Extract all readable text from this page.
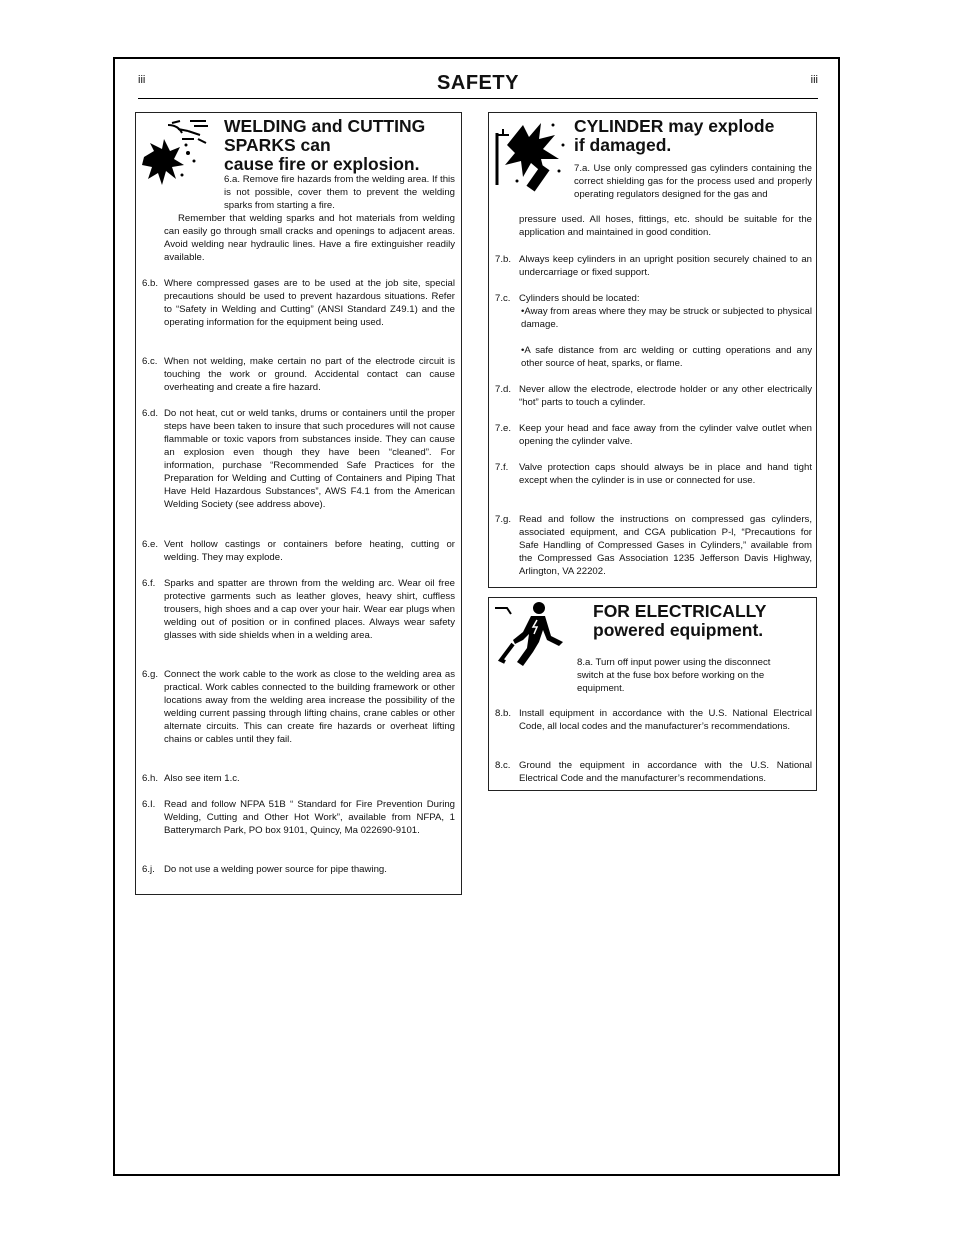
iii	SAFETY	iii
WELDING and CUTTING
SPARKS can
cause fire or explosion.
6.a. Remove fire hazards from the welding area. If this is not possible, cover them to prevent the welding sparks from starting a fire.
Remember that welding sparks and hot materials from welding can easily go through small cracks and openings to adjacent areas. Avoid welding near hydraulic lines. Have a fire extinguisher readily available.
6.b. Where compressed gases are to be used at the job site, special precautions should be used to prevent hazardous situations. Refer to “Safety in Welding and Cutting” (ANSI Standard Z49.1) and the operating information for the equipment being used.
6.c. When not welding, make certain no part of the electrode circuit is touching the work or ground. Accidental contact can cause overheating and create a fire hazard.
6.d. Do not heat, cut or weld tanks, drums or containers until the proper steps have been taken to insure that such procedures will not cause flammable or toxic vapors from substances inside. They can cause an explosion even though they have been “cleaned”. For information, purchase “Recommended Safe Practices for the Preparation for Welding and Cutting of Containers and Piping That Have Held Hazardous Substances”, AWS F4.1 from the American Welding Society (see address above).
6.e. Vent hollow castings or containers before heating, cutting or welding. They may explode.
6.f. Sparks and spatter are thrown from the welding arc. Wear oil free protective garments such as leather gloves, heavy shirt, cuffless trousers, high shoes and a cap over your hair. Wear ear plugs when welding out of position or in confined places. Always wear safety glasses with side shields when in a welding area.
6.g. Connect the work cable to the work as close to the welding area as practical. Work cables connected to the building framework or other locations away from the welding area increase the possibility of the welding current passing through lifting chains, crane cables or other alternate circuits. This can create fire hazards or overheat lifting chains or cables until they fail.
6.h. Also see item 1.c.
6.I. Read and follow NFPA 51B “ Standard for Fire Prevention During Welding, Cutting and Other Hot Work”, available from NFPA, 1 Batterymarch Park, PO box 9101, Quincy, Ma 022690-9101.
6.j. Do not use a welding power source for pipe thawing.
CYLINDER may explode
if damaged.
7.a. Use only compressed gas cylinders containing the correct shielding gas for the process used and properly operating regulators designed for the gas and
pressure used. All hoses, fittings, etc. should be suitable for the application and maintained in good condition.
7.b. Always keep cylinders in an upright position securely chained to an undercarriage or fixed support.
7.c. Cylinders should be located:
•Away from areas where they may be struck or subjected to physical damage.
•A safe distance from arc welding or cutting operations and any other source of heat, sparks, or flame.
7.d. Never allow the electrode, electrode holder or any other electrically “hot” parts to touch a cylinder.
7.e. Keep your head and face away from the cylinder valve outlet when opening the cylinder valve.
7.f. Valve protection caps should always be in place and hand tight except when the cylinder is in use or connected for use.
7.g. Read and follow the instructions on compressed gas cylinders, associated equipment, and CGA publication P-l, “Precautions for Safe Handling of Compressed Gases in Cylinders,” available from the Compressed Gas Association 1235 Jefferson Davis Highway, Arlington, VA 22202.
FOR ELECTRICALLY
powered equipment.
8.a. Turn off input power using the disconnect switch at the fuse box before working on the equipment.
8.b. Install equipment in accordance with the U.S. National Electrical Code, all local codes and the manufacturer’s recommendations.
8.c. Ground the equipment in accordance with the U.S. National Electrical Code and the manufacturer’s recommendations.
